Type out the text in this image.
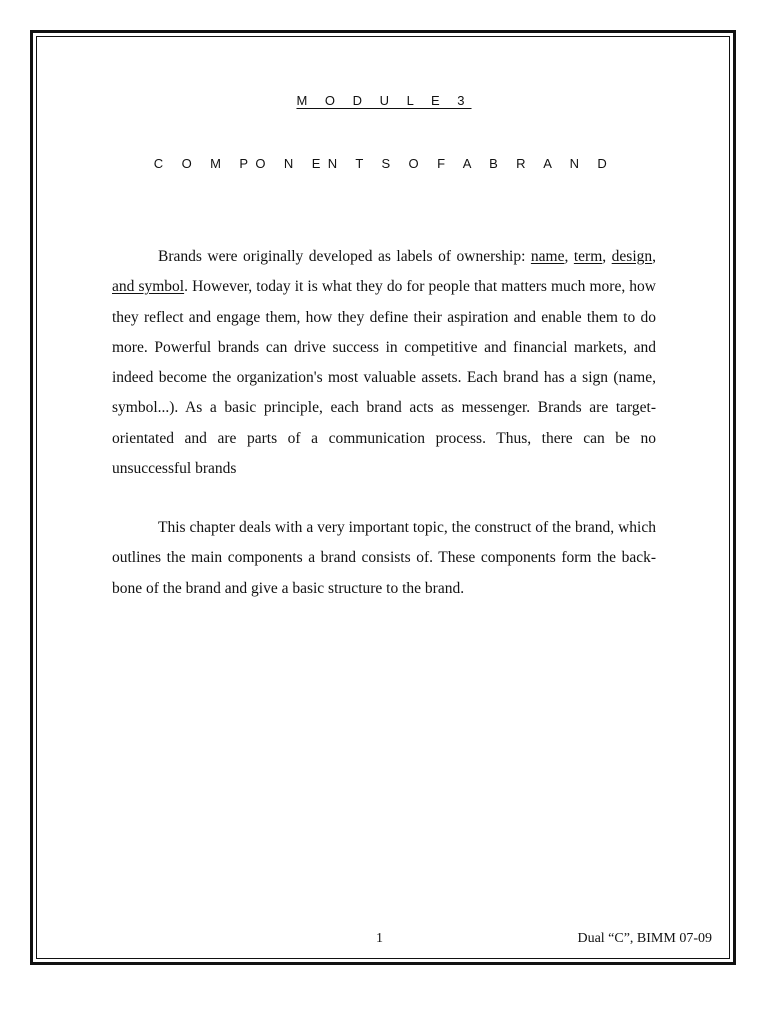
M O D U L E 3
C O M PO N EN T S O F A B R A N D

Brands were originally developed as labels of ownership: name, term, design, and symbol. However, today it is what they do for people that matters much more, how they reflect and engage them, how they define their aspiration and enable them to do more. Powerful brands can drive success in competitive and financial markets, and indeed become the organization's most valuable assets. Each brand has a sign (name, symbol...). As a basic principle, each brand acts as messenger. Brands are target-orientated and are parts of a communication process. Thus, there can be no unsuccessful brands

This chapter deals with a very important topic, the construct of the brand, which outlines the main components a brand consists of. These components form the back-bone of the brand and give a basic structure to the brand.

1	Dual “C”, BIMM 07-09
